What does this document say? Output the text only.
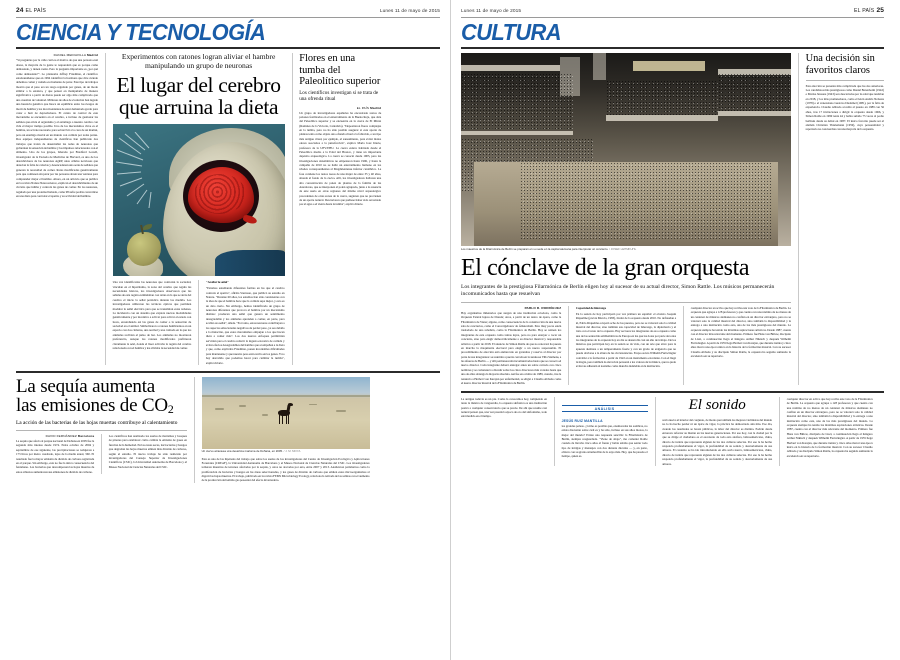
24 EL PAÍS	Lunes 11 de mayo de 2015
CIENCIA Y TECNOLOGÍA
DANIEL MEDIAVILLA Madrid
"Si preguntas por la calle cuál es el motivo de que una persona esté obesa, la mayoría de la gente te responderá que es porque come demasiado, y tienen razón. Pero la pregunta importante es ¿por qué come demasiado?". Lo planteaba Jeffrey Friedman, el científico estadounidense que en 1994 identificó la hormona que dice cuándo debemos comer y cuándo es momento de parar. Este tipo de trabajos mostró que el peso era un rasgo regulado por genes, de un modo similar a la estatura, y que pensar en manipularlo de manera significativa a partir de dietas puede ser algo más complicado que una cuestión de voluntad. Millones de años de evolución han legado una herencia genética que busca un equilibrio entre los riesgos de morir de hambre y los inconvenientes de estar demasiado gordo para cazar o huir de depredadores. El centro de control de este mecanismo se encuentra en el cerebro, e incluso de gestionar las señales que envía el organismo y el estómago a nuestro cerebro con vida el mayor tiempo posible. Uno de los mecanismos clave es el hambre, un acicate necesario para sobrevivir a la caza de un mamut, pero un enemigo mortal en un mundo con comida por todas partes. Dos equipos independientes de científicos han publicado dos trabajos que tratan de desentrañar las redes de neuronas que gobiernan la sensación de hambre y los impulsos relacionados con el alimento. Uno de los grupos, liderado por Bradford Lowell, investigador de la Escuela de Medicina de Harvard, es uno de los descubridores de las neuronas AgRP, unas células nerviosas que detectan la falta de calorías y desencadenan una serie de señales que generan la necesidad de comer. Ratas modificadas genéticamente para que comiesen sin parar por las personas abren una ventana para comprender mejor el hambre. Ahora, en un artículo que se publica en la revista Nature Neuroscience, explican el descubrimiento de un circuito que inhibe y controla las ganas de comer. En los neuronas, regulada por una proteína llamada, como 98 sufre podría convertirse en una dieta para controlar el apetito y su actividad del hambre.
Experimentos con ratones logran aliviar el hambre manipulando un grupo de neuronas
El lugar del cerebro que arruina la dieta
Una vez identificadas las neuronas que controlan la saciedad, vinculan en el hipotálamo, la zona del cerebro que regula las necesidades básicas, los investigadores observaron que las señales de esta región estimulaban con ratón en la que se atrás del cerebro el inicio la señal periódica durante las medida. Los investigadores utilizaron las técnicas ópticas que permiten modular la señal eléctrica para que se transmitan estas órdenes. La incidencia con un sistema que explota nuevas modalidades genéticamente y por incentivo a activar para activar el estado con luces, encendiendo así las ganas de comer o la sensación de saciedad en el animal. Simbolizaron a ratones hambrientos en un espacio con dos cámaras, una normal y una cómoda en la que los animales recibían el pulso de luz. Los animales no mostraron preferencia, aunque los ratones modificados prefirieron claramente la azul, donde el láser activaba la región del cerebro relacionada con el hambre y les aliviaba la necesidad de comer.
"Acallar la señal"
"Estamos estudiando diferentes formas en las que el cerebro controla el apetito", afirma Sternson, que publicó su estudio en Nature. "Durante 60 años, los estudios han sido consistentes con la idea de que el hambre hace que la comida sepa mejor, y esto es un dato cierto. Sin embargo, hemos identificado un grupo de neuronas diferentes que provoca el hambre por un mecanismo distinto: producen una señal que genera un sentimiento desagradable y los animales aprenden a comer, en parte, para acallar esa señal", añade. "Por tanto, estas neuronas contribuyen a los aspectos emocionales negativos de perder peso, ya sea debido a la mutación, que estos mecanismos empujan a los que hacen dieta a comer más". Los dos nuevos enfoques permitirían servirían para el cerebro reducir la ingesta excesiva de comida y evitar efectos desagradables del hambre que acompañan a la dieta y que, como explicaba Friedman, ponen incontables dificultades para mantenerse y que nuestro peso está escrito en los genes. Y no hay desvalido que podemos hacer para cambiar la tumba", explica Iriarte.
Flores en una tumba del Paleolítico superior
Los científicos investigan si se trata de una ofrenda ritual
EL PAÍS Madrid
Un grupo de investigadores españoles ha encontrado restos de polones fosilizados en el enterramiento de la Buena Roja, que data del Paleolítico superior y se encuentra en la cueva de El Mirón (Ramales de la Victoria, Cantabria). "Depositaron flores complejas en la tumba, pero no ha sido posible asegurar si este aporte de plantas tenía como objeto una ofrenda ritual a la fallecida, o un tipo más antiguo ritual, por ejemplo, el saneamiento, para evitar malos olores asociados a la putrefacción", explica María José Iriarte, profesora de la UPV/EHU. La cueva estuvo habitada desde el Paleolítico medio a la Edad del Bronce, y tiene un importante depósito arqueológico. La cueva se conoció desde 1903, pero las investigaciones sistemáticas no empezaron hasta 1996, y hasta la campaña de 2010 no se halló un enterramiento humano en los niveles correspondientes al Magdaleniense inferior cantábrico. La fosa contiene los restos óseos de una mujer de entre 35 y 40 años, situada al fondo de la cueva. Allí, los investigadores hallaron una alta concentración de polen de plantas de la familia de las Asteráceas, que se interponen al polen agrupado, junto a la ausencia de este suelo en otras regiones del mismo nivel arqueológico procedentes de otras zonas de la cueva, sugieren que no provienen de un aporte natural. Descartaron que pudiese haber sido arrastrado por el agua o el viento hasta la tumba", explica Iriarte.
La sequía aumenta
las emisiones de $CO_2$
La acción de las bacterias de las hojas muertas contribuye al calentamiento
DAVID FERNÁNDEZ Barcelona
La sequía que afecta al parque nacional de Doñana en 2005 fue la segunda más intensa desde 1974. Entre octubre de 2004 y septiembre de ese siguiente, las precipitaciones se redujeron a 173 litros por metro cuadrado, lejos de la media anual, 360. El resultado fue la mayor emisión de dióxido de carbono registrada en el parque. Sin embargo, esta no fue la única consecuencia del fenómeno. Las bacterias que descomponen las hojas muertas de estos arbustos aumentaron sus emisiones de dióxido de carbono.
Los científicos han analizado los suelos de marismas y bosques de pinares para establecer cómo cambia la emisión de gases en función de la humedad. En las zonas secas, las bacterias y hongos que degradan las hojas muertas emiten más dióxido de carbono, según el estudio. El nuevo trabajo ha sido realizado por investigadores del Consejo Superior de Investigaciones Científicas (CSIC), la Universidad Autónoma de Barcelona y el Museo Nacional de Ciencias Naturales del CSIC.
Un ciervo atraviesa una desértica marisma de Doñana, en 2005. / J. M. MOYA
Esta es una de las hipótesis del trabajo que sobre los suelos de los investigadores del Centro de Investigación Ecológica y Aplicaciones Forestales (CREAF), la Universidad Autónoma de Barcelona y el Museo Nacional de Ciencias Naturales del CSIC. Los investigadores tomaron muestras de terrenos afectados por la sequía, y otros no atacados por esta, entre 2007 y 2013. Analizaron parámetros como la proliferación de bacterias y hongos en las áreas seleccionadas, y los gases de dióxido de carbono que emiten estos microorganismos al digerir las hojas muertas. El trabajo, publicado en la revista FEMS Microbiology Ecology, relaciona la retirada de las salinas con el aumento de la producción del temido gas poseedor del efecto invernadero.
Lunes 11 de mayo de 2015	EL PAÍS 25
CULTURA
Los maestros de la Filarmónica de Berlín se preparan en su sede en la capital alemana para interpretar un concierto. / JOSEF LEHMKUHL
El cónclave de la gran orquesta
Los integrantes de la prestigiosa Filarmónica de Berlín eligen hoy al sucesor de su actual director, Simon Rattle. Los músicos permanecerán incomunicados hasta que resuelvan
PABLO R. RODRÍGUEZ
Hay organismos milenarios que surgen de una institución ortodoxa, como la Orquesta Estatal lujosa de Dresde; otros, a partir de un teatro de ópera, como la Filarmónica de Viena; alguna, como consecuencia de la construcción de una nueva sala de conciertos, como el Concertgebouw de Ámsterdam. Pero muy pocas estén trasladado de una rebelión, como la Filarmónica de Berlín. Hoy se reúnen los integrantes de esta orquesta como tantas leyes, pero no para ensayar o tocar un concierto, sino para elegir democráticamente a su director musical y responsable artístico a partir de 2018. El anuncio de Simon Rattle de que no renovará ha puesto en marcha la maquinaria electoral para elegir a un nuevo responsable. El procedimiento de elección está enmarcado en garantías y reserva al director por parte de sus integrantes: se reunirán a puerta cerrada en la suntuosa Villa Siemens, a las afueras de Berlín — y allí permanecerán incomunicados hasta que se conozca el nuevo director. Cada integrante deberá entregar antes un sobre cerrado con cinco nombres y se comenzará a discutir sobre los cinco directores más votados hasta que uno de ellos obtenga la mayoría absoluta. Así fue en octubre de 1989, cuando, tras la renuncia a Herbert von Karajan por enfermedad, se eligió a Claudio Abbado como el nuevo director musical de la Filarmónica de Berlín.
Capacidad de liderazgo
En la sesión de hoy participará por vez primera un español: el oboísta Joaquín Riquelme (previa Murcia, 1983), titular de la orquesta desde 2010. No defraudan a él, Pablo Riquelme ocupará ocho de los puestos, pero no se valorará solo la calidad musical del director, sino también sus capacidad de liderazgo, la diplomacia y el trato con el resto de la orquesta. Hay sectores los integrantes de esa orquesta como una de las sedes más emblemáticas de Europa en las que las dotes por parte de todos los integrantes de la orquesta hoy en día se desarrolla casi un año de trabajo. De los músicos que participan hoy en la sesión se da vida, con un arte que sirve para la apuesta alemana a un temperamento fuerte y con un grado de exigencia que no puede obviarse a la altura de las circunstancias. Etapa oscura Wilhelm Furtwängler convirtió a la formación a partir de 1922 en un instrumento excelente. Con el llegó la magia, pero también la elevación personal a los valores de la música, que no pudo evitar su adhesión al nazismo como mancha indeleble en la institución.
cualquier director en activo que hoy reciba este voto de la Filarmónica de Berlín. La orquesta que agrupa a 128 profesores y que cuenta con una nómina de no menos de un centenar de músicos alemanes no confían en un director extranjero, pero no se valorará solo la calidad musical del director, sino también la disponibilidad y la entrega a una institución como esta, una de las más prestigiosas del mundo. La orquesta siempre ha tenido las máximas aspiraciones artísticas. Desde 1887, cuenta con el director más relevante del momento. Primero fue Hans von Bülow, discípulo de Liszt, a continuación llegó el húngaro Arthur Nikisch y después Wilhelm Furtwängler. A partir de 1955 llegó Herbert von Karajan, que durante treinta y cinco años marcó una época única en la historia de la formación musical. Con su sucesor Claudio Abbado y su discípulo Simon Rattle, la orquesta ha seguido sumando la excelencia en su repertorio.
Una decisión sin favoritos claros
Esta elección se presenta más complicada que las dos anteriores. Los candidatos más prestigiosos como Daniel Barenboim (1942) o Mariss Jansons (1943) son descartados por la edad que tendrían en 2018, y los más prometedores, como el letón Andris Nelsons (1978) o el venezolano Gustavo Dudamel (1981), por la falta de experiencia. Claudio Abbado accedió al puesto en 1989 con 56 años, tras 17 invitaciones a dirigir la orquesta desde 1966, y Simon Rattle en 1999 tenía 44 y había subido 75 veces al podio berlinés desde su debut en 1987. El único favorito puede ser el alemán Christian Thielemann (1959), cuya personalidad y repertorio no concuerdan con una mayoría de la orquesta.
La antigua todavía es un pie. Como la conocemos hoy, rompiendo en tanto la música de vanguardia, la orquesta sinfónica es una institución pasiva a cualquier conservatorio que se precie. De ahí que resulte casi natural pensar que, una vez pasada la época de oro del sinfonismo, todo está medido en el tiempo.
ANÁLISIS
JESÚS RUIZ MANTILLA
los grandes peleas. ¿Cómo es posible que, enamoradas las sombras, no exista discusión sobre cuál es y ha sido, incluso en sus años mozos, la mejor del mundo? Existe una respuesta sencilla: la Filarmónica de Berlín, siempre resguardada. "Viene de abajo", me comentó Rattle cuando da llevaba cinco años al frente y había sabido que sentar todo tipo de intrigas y mensajes con dos durante décadas — y, en parte, obtuvo con su grado estremecible de lo suyo más. Hoy, que ha pasado el tiempo, quien es.
El sonido
savia nueva al interior del conjunto, de modo que también los mejores violinistas del mundo no lo ha hecho perder ni un ápice de vigor, la práctica ha demostrado aún más. Ese día, cuando los resultados se hacen públicos, la labor del director es distinta. Podrán desde entonces reforzar su ilusión en las nuevas generaciones. Por eso hoy, con la ciudad por la que se dirige el ciudadano es el escenario de toda esta anáfora, latinoamericana, china, directo de treinta que representa alguien de las dos culturas selectas. Por eso la ha hecho respondo profundamente el vigor, la profundidad de su sonido y aleatoriamente de sus amores. El contexto se ha ido introduciendo en ella savia nueva, latinoamericana, china, directo de treinta que representa alguien de las dos culturas selectas. Por eso la ha hecho respondo profundamente el vigor, la profundidad de su sonido y aleatoriamente de sus amores.
cualquier director en activo que hoy reciba este voto de la Filarmónica de Berlín. La orquesta que agrupa a 128 profesores y que cuenta con una nómina de no menos de un centenar de músicos alemanes no confían en un director extranjero, pero no se valorará solo la calidad musical del director, sino también la disponibilidad y la entrega a una institución como esta, una de las más prestigiosas del mundo. La orquesta siempre ha tenido las máximas aspiraciones artísticas. Desde 1887, cuenta con el director más relevante del momento. Primero fue Hans von Bülow, discípulo de Liszt, a continuación llegó el húngaro Arthur Nikisch y después Wilhelm Furtwängler. A partir de 1955 llegó Herbert von Karajan, que durante treinta y cinco años marcó una época única en la historia de la formación musical. Con su sucesor Claudio Abbado y su discípulo Simon Rattle, la orquesta ha seguido sumando la excelencia en su repertorio.
